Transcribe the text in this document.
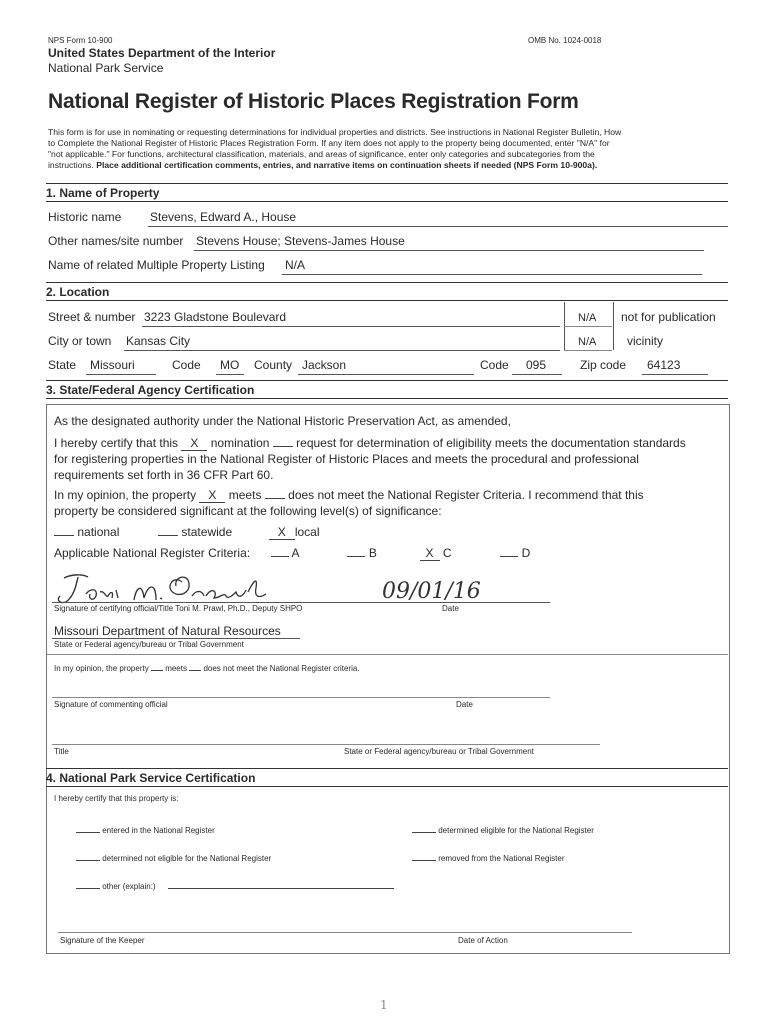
NPS Form 10-900	OMB No. 1024-0018
United States Department of the Interior
National Park Service
National Register of Historic Places Registration Form
This form is for use in nominating or requesting determinations for individual properties and districts. See instructions in National Register Bulletin, How
to Complete the National Register of Historic Places Registration Form. If any item does not apply to the property being documented, enter "N/A" for
"not applicable." For functions, architectural classification, materials, and areas of significance, enter only categories and subcategories from the
instructions. Place additional certification comments, entries, and narrative items on continuation sheets if needed (NPS Form 10-900a).
1. Name of Property
Historic name Stevens, Edward A., House
Other names/site number Stevens House; Stevens-James House
Name of related Multiple Property Listing N/A
2. Location
Street & number 3223 Gladstone Boulevard	N/A not for publication
City or town Kansas City	N/A	vicinity
State Missouri	Code MO County Jackson	Code 095	Zip code 64123
3. State/Federal Agency Certification
As the designated authority under the National Historic Preservation Act, as amended,
I hereby certify that this X nomination request for determination of eligibility meets the documentation standards
for registering properties in the National Register of Historic Places and meets the procedural and professional
requirements set forth in 36 CFR Part 60.
In my opinion, the property X meets does not meet the National Register Criteria. I recommend that this
property be considered significant at the following level(s) of significance:
national	statewide	X local
Applicable National Register Criteria:	A	B	X C	D
09/01/16
Signature of certifying official/Title Toni M. Prawl, Ph.D., Deputy SHPO	Date
Missouri Department of Natural Resources
State or Federal agency/bureau or Tribal Government
In my opinion, the property meets does not meet the National Register criteria.
Signature of commenting official	Date
Title	State or Federal agency/bureau or Tribal Government
4. National Park Service Certification
I hereby certify that this property is:
entered in the National Register	determined eligible for the National Register
determined not eligible for the National Register	removed from the National Register
other (explain:)
Signature of the Keeper	Date of Action
1
